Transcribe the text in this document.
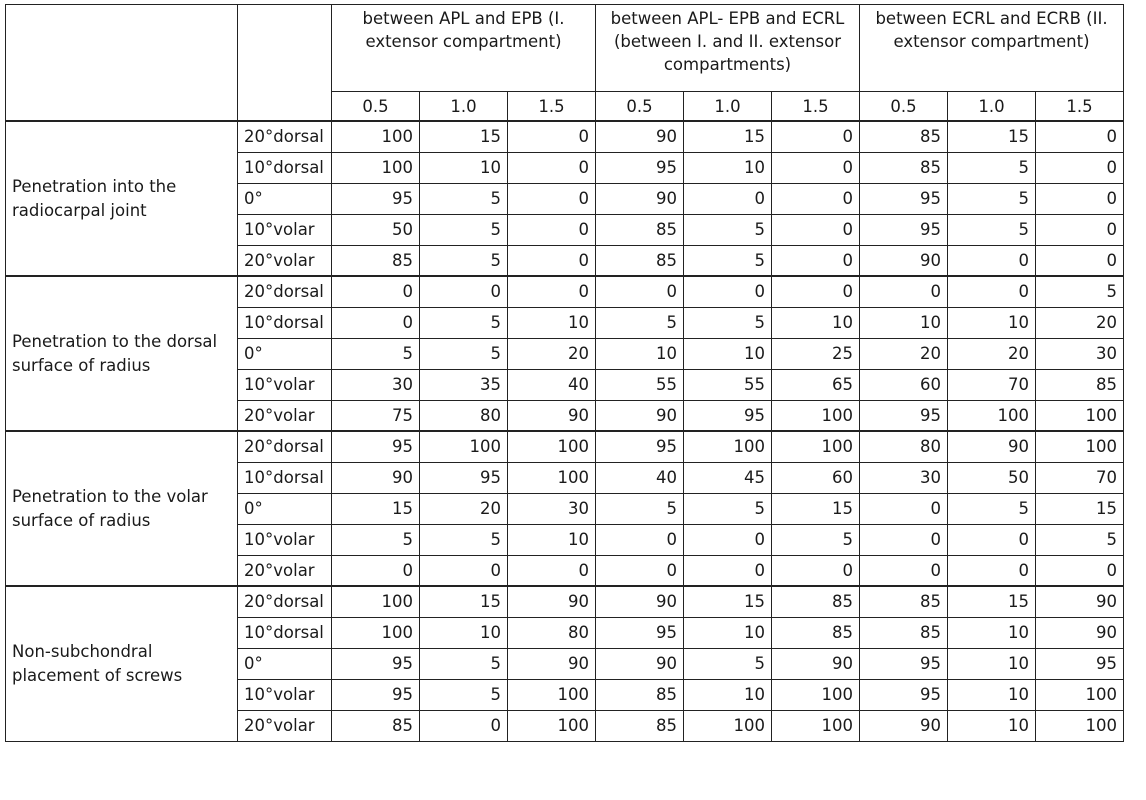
		between APL and EPB (I. extensor compartment)			between APL- EPB and ECRL (between I. and II. extensor compartments)			between ECRL and ECRB (II. extensor compartment)		
		0.5	1.0	1.5	0.5	1.0	1.5	0.5	1.0	1.5
Penetration into the radiocarpal joint	20°dorsal	100	15	0	90	15	0	85	15	0
	10°dorsal	100	10	0	95	10	0	85	5	0
	0°	95	5	0	90	0	0	95	5	0
	10°volar	50	5	0	85	5	0	95	5	0
	20°volar	85	5	0	85	5	0	90	0	0
Penetration to the dorsal surface of radius	20°dorsal	0	0	0	0	0	0	0	0	5
	10°dorsal	0	5	10	5	5	10	10	10	20
	0°	5	5	20	10	10	25	20	20	30
	10°volar	30	35	40	55	55	65	60	70	85
	20°volar	75	80	90	90	95	100	95	100	100
Penetration to the volar surface of radius	20°dorsal	95	100	100	95	100	100	80	90	100
	10°dorsal	90	95	100	40	45	60	30	50	70
	0°	15	20	30	5	5	15	0	5	15
	10°volar	5	5	10	0	0	5	0	0	5
	20°volar	0	0	0	0	0	0	0	0	0
Non-subchondral placement of screws	20°dorsal	100	15	90	90	15	85	85	15	90
	10°dorsal	100	10	80	95	10	85	85	10	90
	0°	95	5	90	90	5	90	95	10	95
	10°volar	95	5	100	85	10	100	95	10	100
	20°volar	85	0	100	85	100	100	90	10	100
